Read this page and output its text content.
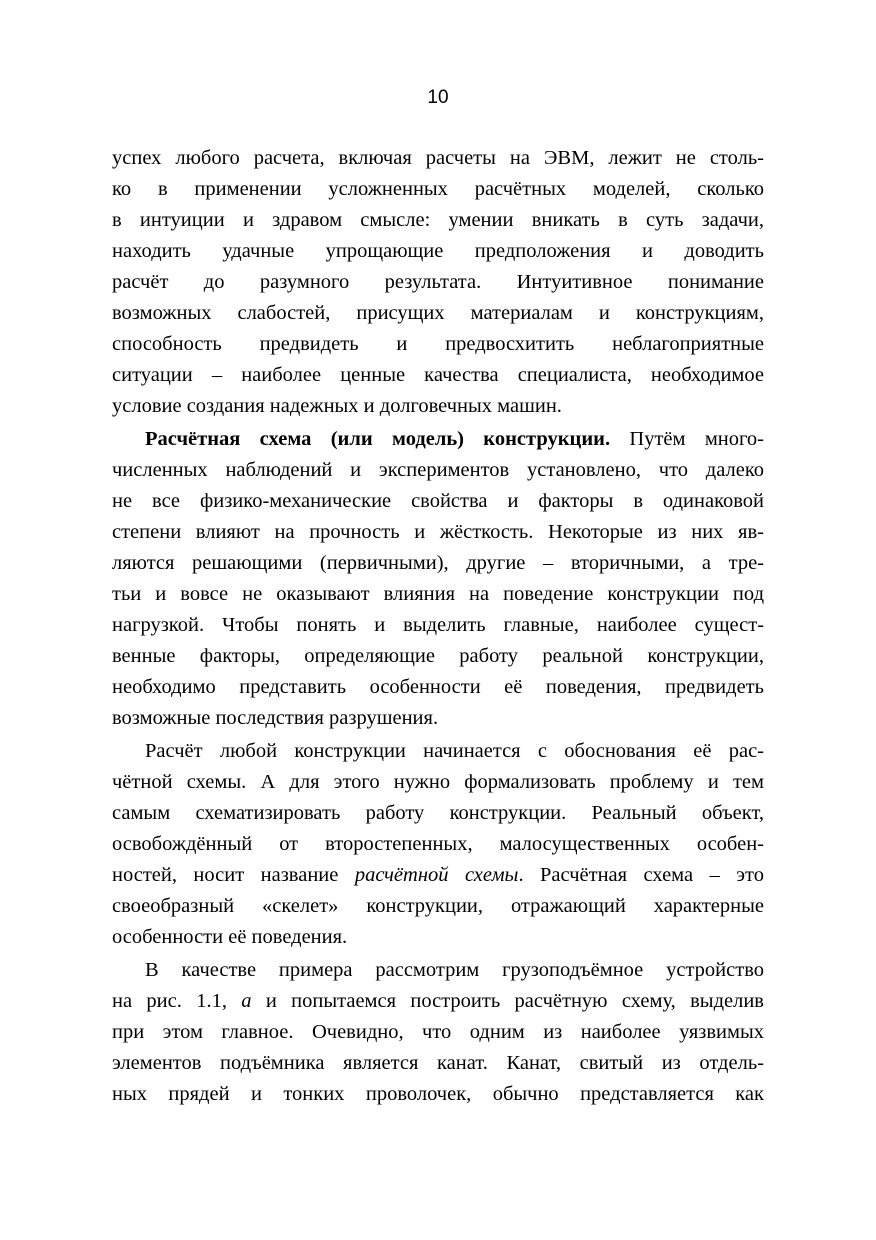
10
успех любого расчета, включая расчеты на ЭВМ, лежит не столь-
ко в применении усложненных расчётных моделей, сколько
в интуиции и здравом смысле: умении вникать в суть задачи,
находить удачные упрощающие предположения и доводить
расчёт до разумного результата. Интуитивное понимание
возможных слабостей, присущих материалам и конструкциям,
способность предвидеть и предвосхитить неблагоприятные
ситуации – наиболее ценные качества специалиста, необходимое
условие создания надежных и долговечных машин.
Расчётная схема (или модель) конструкции. Путём много-
численных наблюдений и экспериментов установлено, что далеко
не все физико-механические свойства и факторы в одинаковой
степени влияют на прочность и жёсткость. Некоторые из них яв-
ляются решающими (первичными), другие – вторичными, а тре-
тьи и вовсе не оказывают влияния на поведение конструкции под
нагрузкой. Чтобы понять и выделить главные, наиболее сущест-
венные факторы, определяющие работу реальной конструкции,
необходимо представить особенности её поведения, предвидеть
возможные последствия разрушения.
Расчёт любой конструкции начинается с обоснования её рас-
чётной схемы. А для этого нужно формализовать проблему и тем
самым схематизировать работу конструкции. Реальный объект,
освобождённый от второстепенных, малосущественных особен-
ностей, носит название расчётной схемы. Расчётная схема – это
своеобразный «скелет» конструкции, отражающий характерные
особенности её поведения.
В качестве примера рассмотрим грузоподъёмное устройство
на рис. 1.1, а и попытаемся построить расчётную схему, выделив
при этом главное. Очевидно, что одним из наиболее уязвимых
элементов подъёмника является канат. Канат, свитый из отдель-
ных прядей и тонких проволочек, обычно представляется как
